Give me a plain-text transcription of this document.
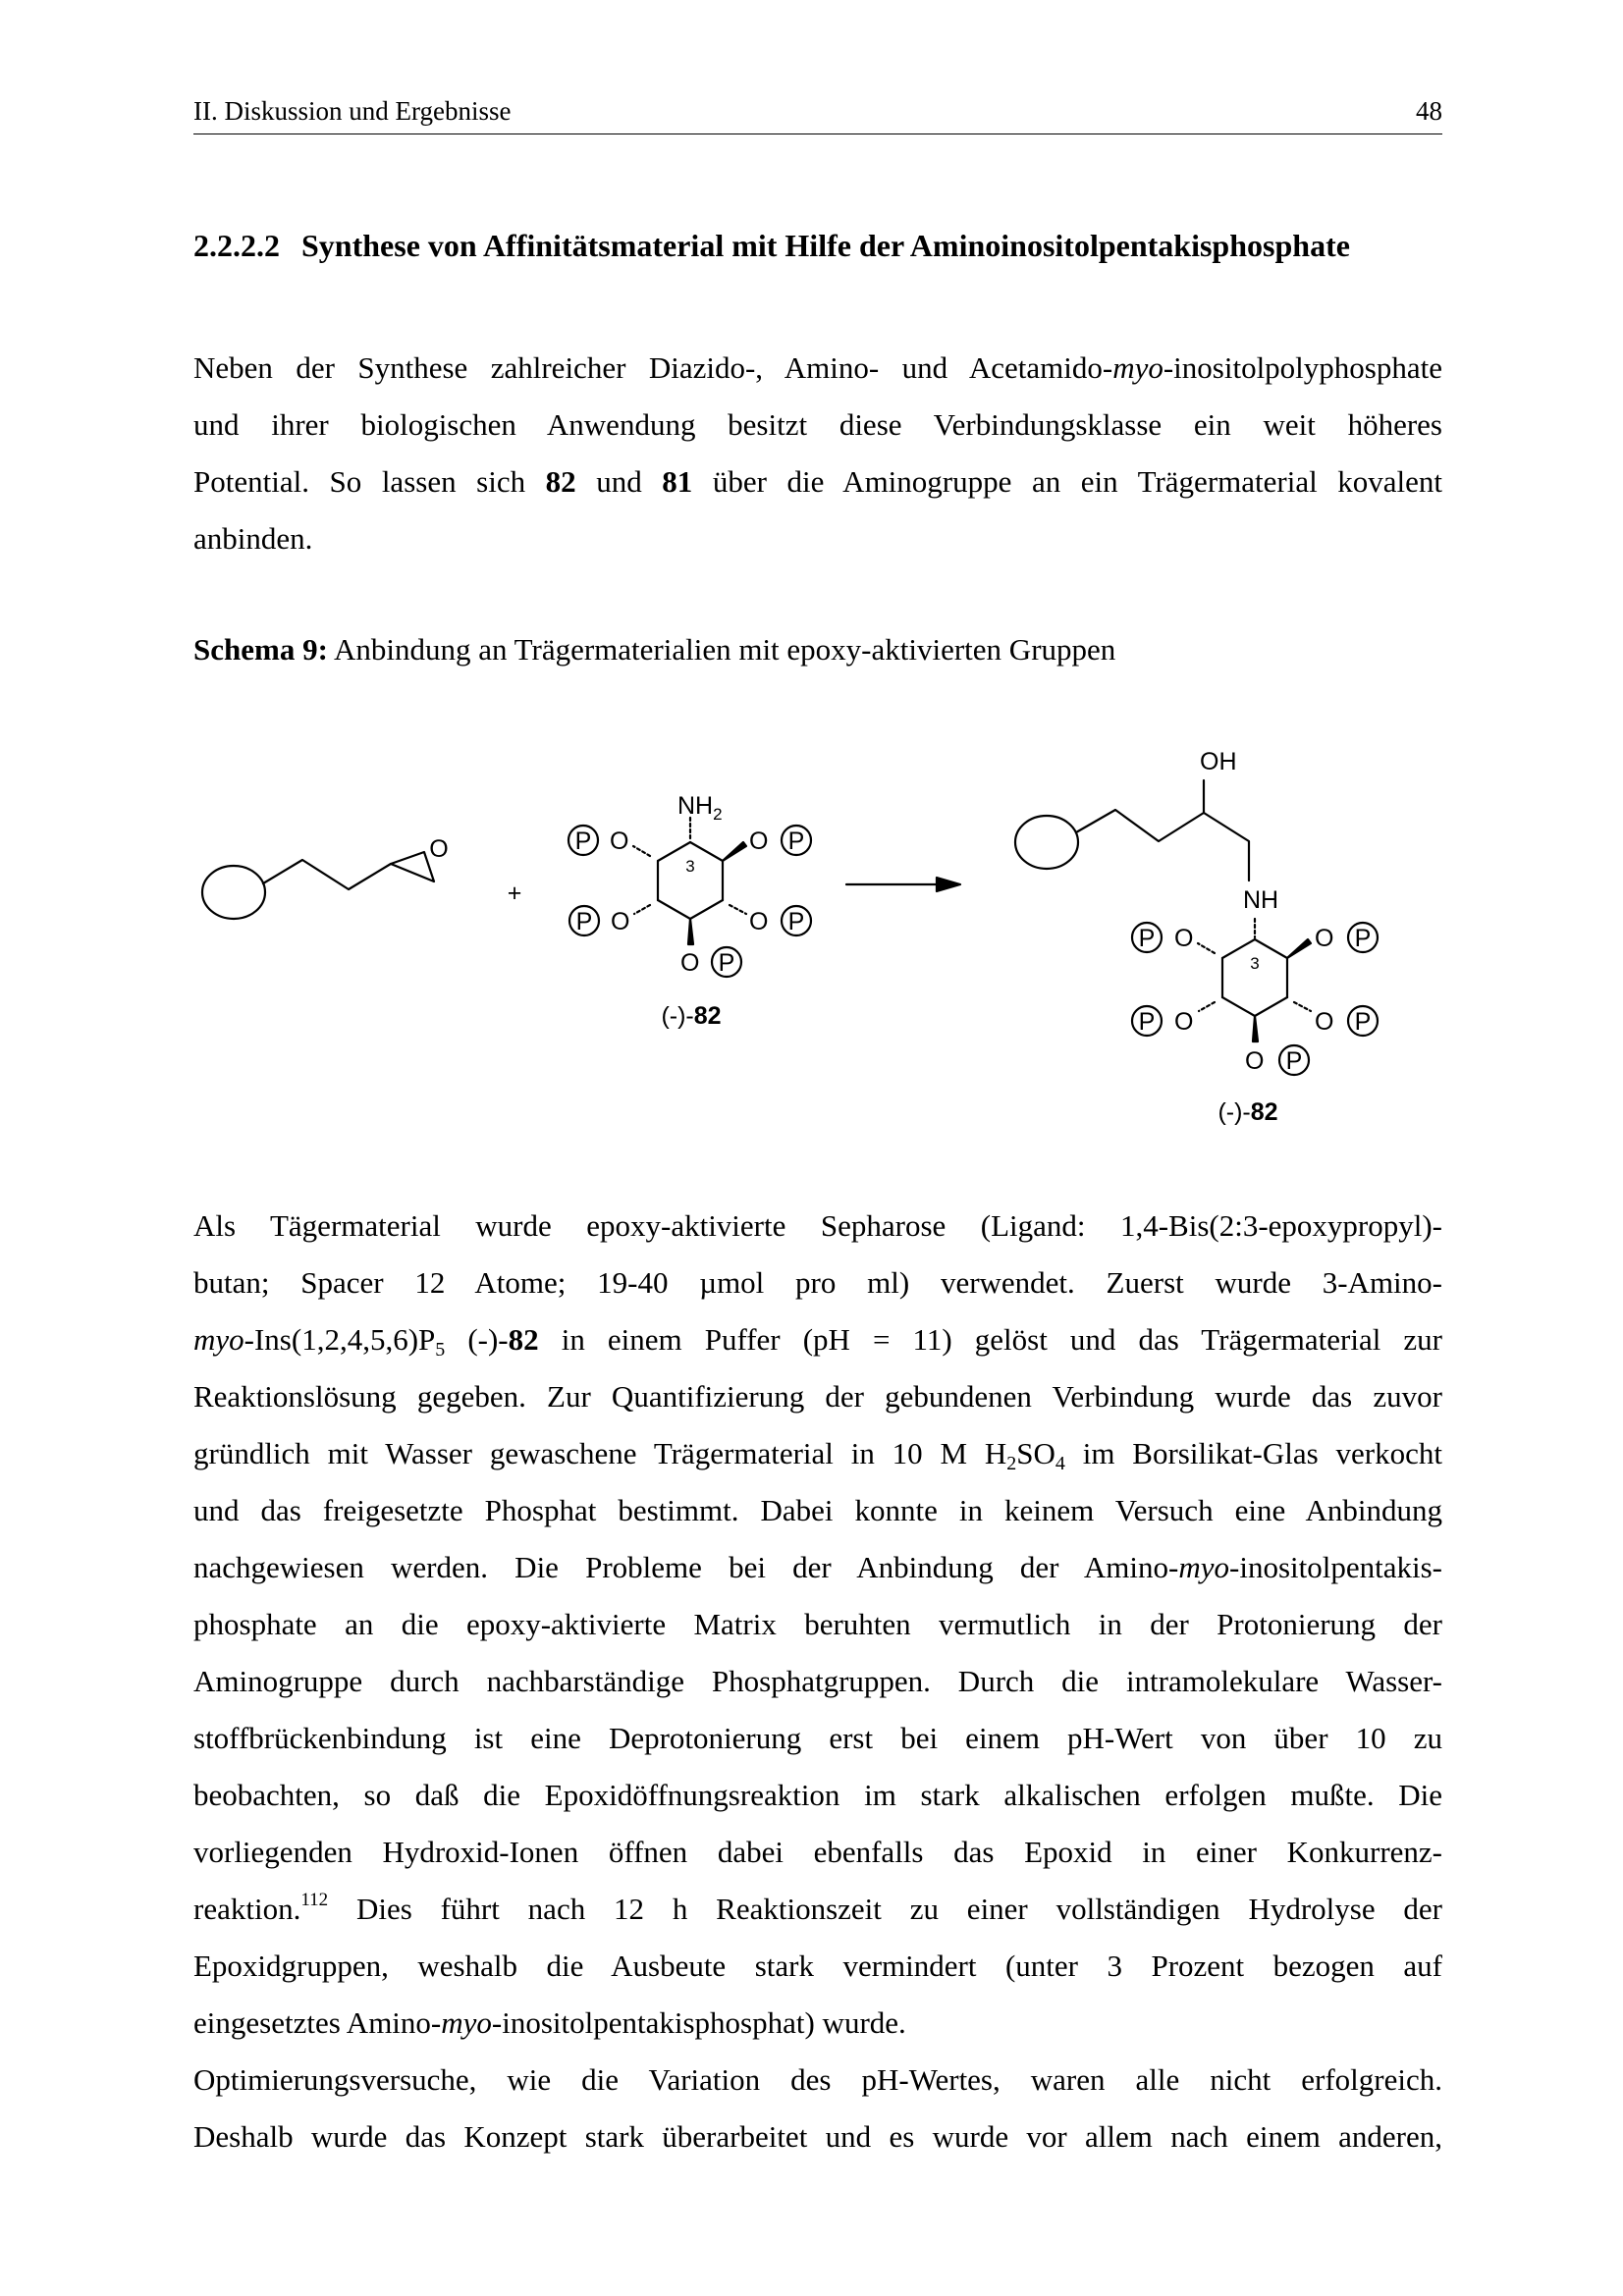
II. Diskussion und Ergebnisse	48
2.2.2.2 Synthese von Affinitätsmaterial mit Hilfe der Aminoinositolpentakisphosphate

Neben der Synthese zahlreicher Diazido-, Amino- und Acetamido-myo-inositolpolyphosphate
und ihrer biologischen Anwendung besitzt diese Verbindungsklasse ein weit höheres
Potential. So lassen sich 82 und 81 über die Aminogruppe an ein Trägermaterial kovalent
anbinden.

Schema 9: Anbindung an Trägermaterialien mit epoxy-aktivierten Gruppen
+
O
$NH_2$
3
P O
P O
O P
O P
O P
(-)-82
OH
NH
3
P O
P O
O P
O P
O P
(-)-82

Als Tägermaterial wurde epoxy-aktivierte Sepharose (Ligand: 1,4-Bis(2:3-epoxypropyl)-
butan; Spacer 12 Atome; 19-40 µmol pro ml) verwendet. Zuerst wurde 3-Amino-
myo-$Ins(1,2,4,5,6)P_5$ (-)-82 in einem Puffer (pH = 11) gelöst und das Trägermaterial zur
Reaktionslösung gegeben. Zur Quantifizierung der gebundenen Verbindung wurde das zuvor
gründlich mit Wasser gewaschene Trägermaterial in 10 M $H_2SO_4$ im Borsilikat-Glas verkocht
und das freigesetzte Phosphat bestimmt. Dabei konnte in keinem Versuch eine Anbindung
nachgewiesen werden. Die Probleme bei der Anbindung der Amino-myo-inositolpentakis-
phosphate an die epoxy-aktivierte Matrix beruhten vermutlich in der Protonierung der
Aminogruppe durch nachbarständige Phosphatgruppen. Durch die intramolekulare Wasser-
stoffbrückenbindung ist eine Deprotonierung erst bei einem pH-Wert von über 10 zu
beobachten, so daß die Epoxidöffnungsreaktion im stark alkalischen erfolgen mußte. Die
vorliegenden Hydroxid-Ionen öffnen dabei ebenfalls das Epoxid in einer Konkurrenz-
reaktion.$^{112}$ Dies führt nach 12 h Reaktionszeit zu einer vollständigen Hydrolyse der
Epoxidgruppen, weshalb die Ausbeute stark vermindert (unter 3 Prozent bezogen auf
eingesetztes Amino-myo-inositolpentakisphosphat) wurde.
Optimierungsversuche, wie die Variation des pH-Wertes, waren alle nicht erfolgreich.
Deshalb wurde das Konzept stark überarbeitet und es wurde vor allem nach einem anderen,
